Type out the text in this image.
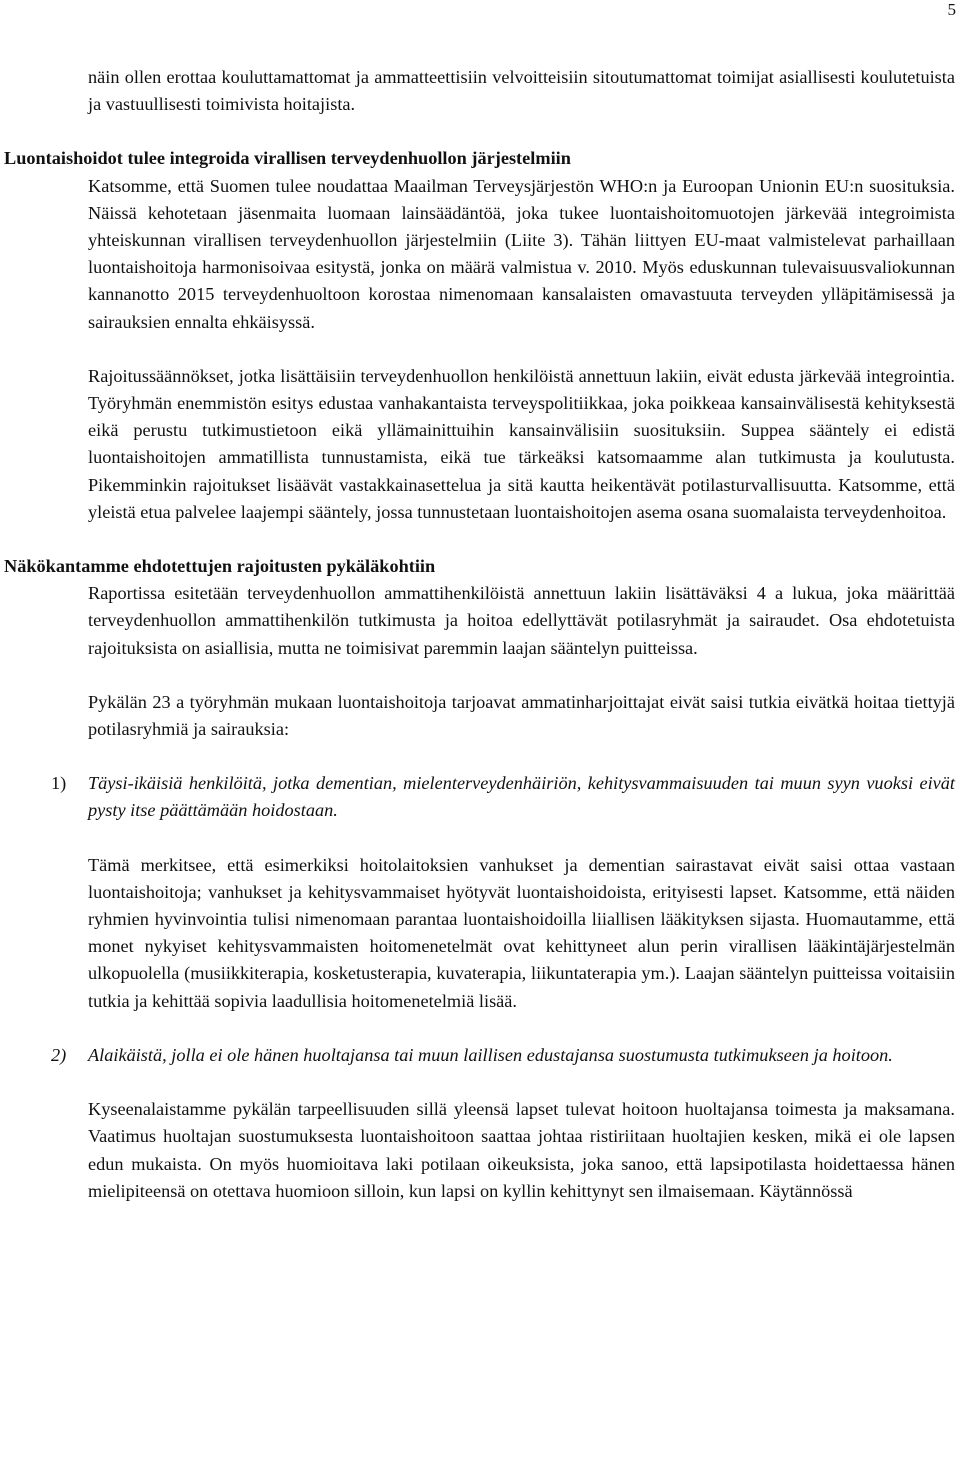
5

näin ollen erottaa kouluttamattomat ja ammatteettisiin velvoitteisiin sitoutumattomat toimijat asiallisesti koulutetuista ja vastuullisesti toimivista hoitajista.

Luontaishoidot tulee integroida virallisen terveydenhuollon järjestelmiin

Katsomme, että Suomen tulee noudattaa Maailman Terveysjärjestön WHO:n ja Euroopan Unionin EU:n suosituksia. Näissä kehotetaan jäsenmaita luomaan lainsäädäntöä, joka tukee luontaishoitomuotojen järkevää integroimista yhteiskunnan virallisen terveydenhuollon järjestelmiin (Liite 3). Tähän liittyen EU-maat valmistelevat parhaillaan luontaishoitoja harmonisoivaa esitystä, jonka on määrä valmistua v. 2010. Myös eduskunnan tulevaisuusvaliokunnan kannanotto 2015 terveydenhuoltoon korostaa nimenomaan kansalaisten omavastuuta terveyden ylläpitämisessä ja sairauksien ennalta ehkäisyssä.

Rajoitussäännökset, jotka lisättäisiin terveydenhuollon henkilöistä annettuun lakiin, eivät edusta järkevää integrointia. Työryhmän enemmistön esitys edustaa vanhakantaista terveyspolitiikkaa, joka poikkeaa kansainvälisestä kehityksestä eikä perustu tutkimustietoon eikä yllämainittuihin kansainvälisiin suosituksiin. Suppea sääntely ei edistä luontaishoitojen ammatillista tunnustamista, eikä tue tärkeäksi katsomaamme alan tutkimusta ja koulutusta. Pikemminkin rajoitukset lisäävät vastakkainasettelua ja sitä kautta heikentävät potilasturvallisuutta. Katsomme, että yleistä etua palvelee laajempi sääntely, jossa tunnustetaan luontaishoitojen asema osana suomalaista terveydenhoitoa.

Näkökantamme ehdotettujen rajoitusten pykäläkohtiin

Raportissa esitetään terveydenhuollon ammattihenkilöistä annettuun lakiin lisättäväksi 4 a lukua, joka määrittää terveydenhuollon ammattihenkilön tutkimusta ja hoitoa edellyttävät potilasryhmät ja sairaudet. Osa ehdotetuista rajoituksista on asiallisia, mutta ne toimisivat paremmin laajan sääntelyn puitteissa.

Pykälän 23 a työryhmän mukaan luontaishoitoja tarjoavat ammatinharjoittajat eivät saisi tutkia eivätkä hoitaa tiettyjä potilasryhmiä ja sairauksia:

1) Täysi-ikäisiä henkilöitä, jotka dementian, mielenterveydenhäiriön, kehitysvammaisuuden tai muun syyn vuoksi eivät pysty itse päättämään hoidostaan.

Tämä merkitsee, että esimerkiksi hoitolaitoksien vanhukset ja dementian sairastavat eivät saisi ottaa vastaan luontaishoitoja; vanhukset ja kehitysvammaiset hyötyvät luontaishoidoista, erityisesti lapset. Katsomme, että näiden ryhmien hyvinvointia tulisi nimenomaan parantaa luontaishoidoilla liiallisen lääkityksen sijasta. Huomautamme, että monet nykyiset kehitysvammaisten hoitomenetelmät ovat kehittyneet alun perin virallisen lääkintäjärjestelmän ulkopuolella (musiikkiterapia, kosketusterapia, kuvaterapia, liikuntaterapia ym.). Laajan sääntelyn puitteissa voitaisiin tutkia ja kehittää sopivia laadullisia hoitomenetelmiä lisää.

2) Alaikäistä, jolla ei ole hänen huoltajansa tai muun laillisen edustajansa suostumusta tutkimukseen ja hoitoon.

Kyseenalaistamme pykälän tarpeellisuuden sillä yleensä lapset tulevat hoitoon huoltajansa toimesta ja maksamana. Vaatimus huoltajan suostumuksesta luontaishoitoon saattaa johtaa ristiriitaan huoltajien kesken, mikä ei ole lapsen edun mukaista. On myös huomioitava laki potilaan oikeuksista, joka sanoo, että lapsipotilasta hoidettaessa hänen mielipiteensä on otettava huomioon silloin, kun lapsi on kyllin kehittynyt sen ilmaisemaan. Käytännössä
